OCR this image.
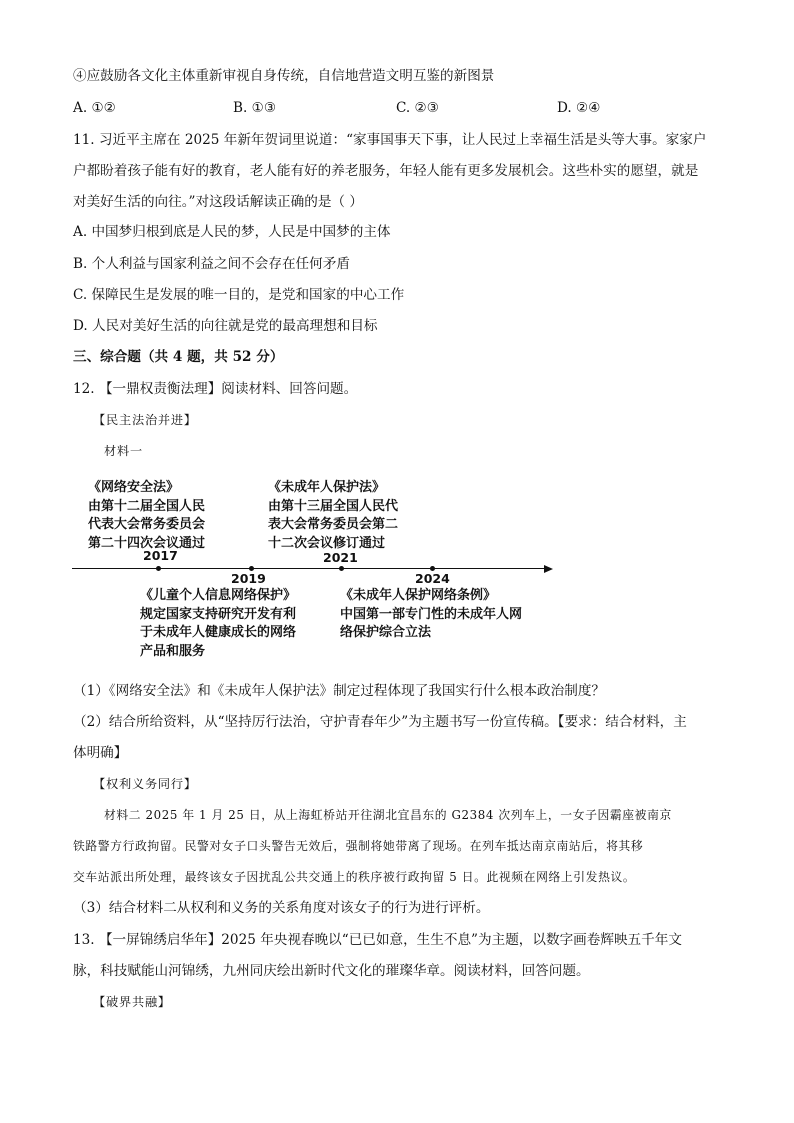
④应鼓励各文化主体重新审视自身传统，自信地营造文明互鉴的新图景
A. ①②	B. ①③	C. ②③	D. ②④
11. 习近平主席在 2025 年新年贺词里说道：“家事国事天下事，让人民过上幸福生活是头等大事。家家户
户都盼着孩子能有好的教育，老人能有好的养老服务，年轻人能有更多发展机会。这些朴实的愿望，就是
对美好生活的向往。”对这段话解读正确的是（ ）
A. 中国梦归根到底是人民的梦，人民是中国梦的主体
B. 个人利益与国家利益之间不会存在任何矛盾
C. 保障民生是发展的唯一目的，是党和国家的中心工作
D. 人民对美好生活的向往就是党的最高理想和目标
三、综合题（共 4 题，共 52 分）
12. 【一鼎权责衡法理】阅读材料、回答问题。
【民主法治并进】
材料一
《网络安全法》
由第十二届全国人民
代表大会常务委员会
第二十四次会议通过
《未成年人保护法》
由第十三届全国人民代
表大会常务委员会第二
十二次会议修订通过
2017	2021
2019	2024
《儿童个人信息网络保护》
规定国家支持研究开发有利
于未成年人健康成长的网络
产品和服务
《未成年人保护网络条例》
中国第一部专门性的未成年人网
络保护综合立法
（1）《网络安全法》和《未成年人保护法》制定过程体现了我国实行什么根本政治制度？
（2）结合所给资料，从“坚持厉行法治，守护青春年少”为主题书写一份宣传稿。【要求：结合材料，主
体明确】
【权利义务同行】
材料二 2025 年 1 月 25 日，从上海虹桥站开往湖北宜昌东的 G2384 次列车上，一女子因霸座被南京
铁路警方行政拘留。民警对女子口头警告无效后，强制将她带离了现场。在列车抵达南京南站后，将其移
交车站派出所处理，最终该女子因扰乱公共交通上的秩序被行政拘留 5 日。此视频在网络上引发热议。
（3）结合材料二从权利和义务的关系角度对该女子的行为进行评析。
13. 【一屏锦绣启华年】2025 年央视春晚以“已已如意，生生不息”为主题，以数字画卷辉映五千年文
脉，科技赋能山河锦绣，九州同庆绘出新时代文化的璀璨华章。阅读材料，回答问题。
【破界共融】
